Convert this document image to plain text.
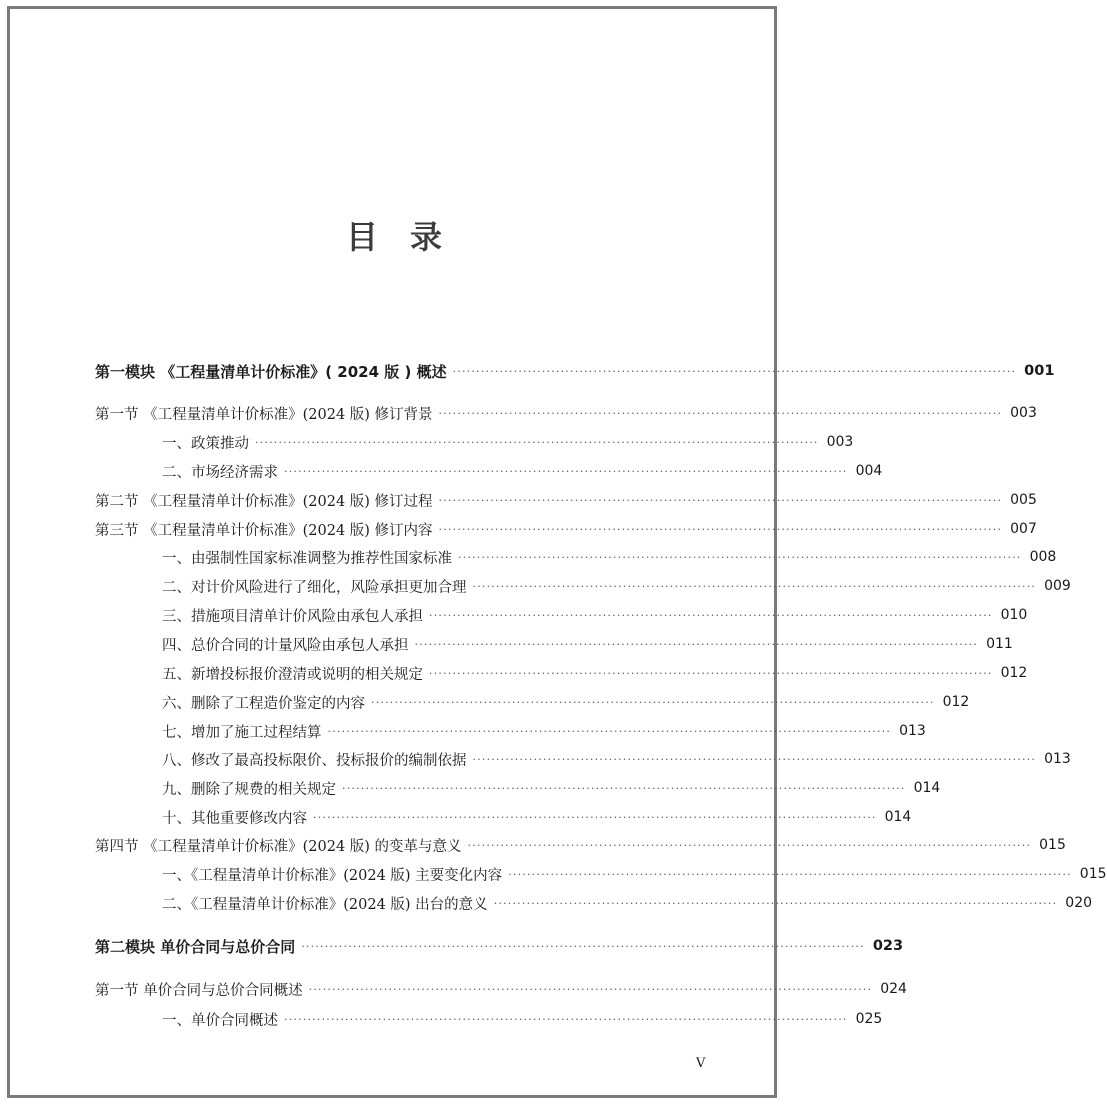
目 录
第一模块 《工程量清单计价标准》( 2024 版 ) 概述 ························································································································ 001
第一节 《工程量清单计价标准》(2024 版) 修订背景 ························································································································ 003
一、政策推动 ························································································································ 003
二、市场经济需求 ························································································································ 004
第二节 《工程量清单计价标准》(2024 版) 修订过程 ························································································································ 005
第三节 《工程量清单计价标准》(2024 版) 修订内容 ························································································································ 007
一、由强制性国家标准调整为推荐性国家标准 ························································································································ 008
二、对计价风险进行了细化，风险承担更加合理 ························································································································ 009
三、措施项目清单计价风险由承包人承担 ························································································································ 010
四、总价合同的计量风险由承包人承担 ························································································································ 011
五、新增投标报价澄清或说明的相关规定 ························································································································ 012
六、删除了工程造价鉴定的内容 ························································································································ 012
七、增加了施工过程结算 ························································································································ 013
八、修改了最高投标限价、投标报价的编制依据 ························································································································ 013
九、删除了规费的相关规定 ························································································································ 014
十、其他重要修改内容 ························································································································ 014
第四节 《工程量清单计价标准》(2024 版) 的变革与意义 ························································································································ 015
一、《工程量清单计价标准》(2024 版) 主要变化内容 ························································································································ 015
二、《工程量清单计价标准》(2024 版) 出台的意义 ························································································································ 020
第二模块 单价合同与总价合同 ························································································································ 023
第一节 单价合同与总价合同概述 ························································································································ 024
一、单价合同概述 ························································································································ 025
V
